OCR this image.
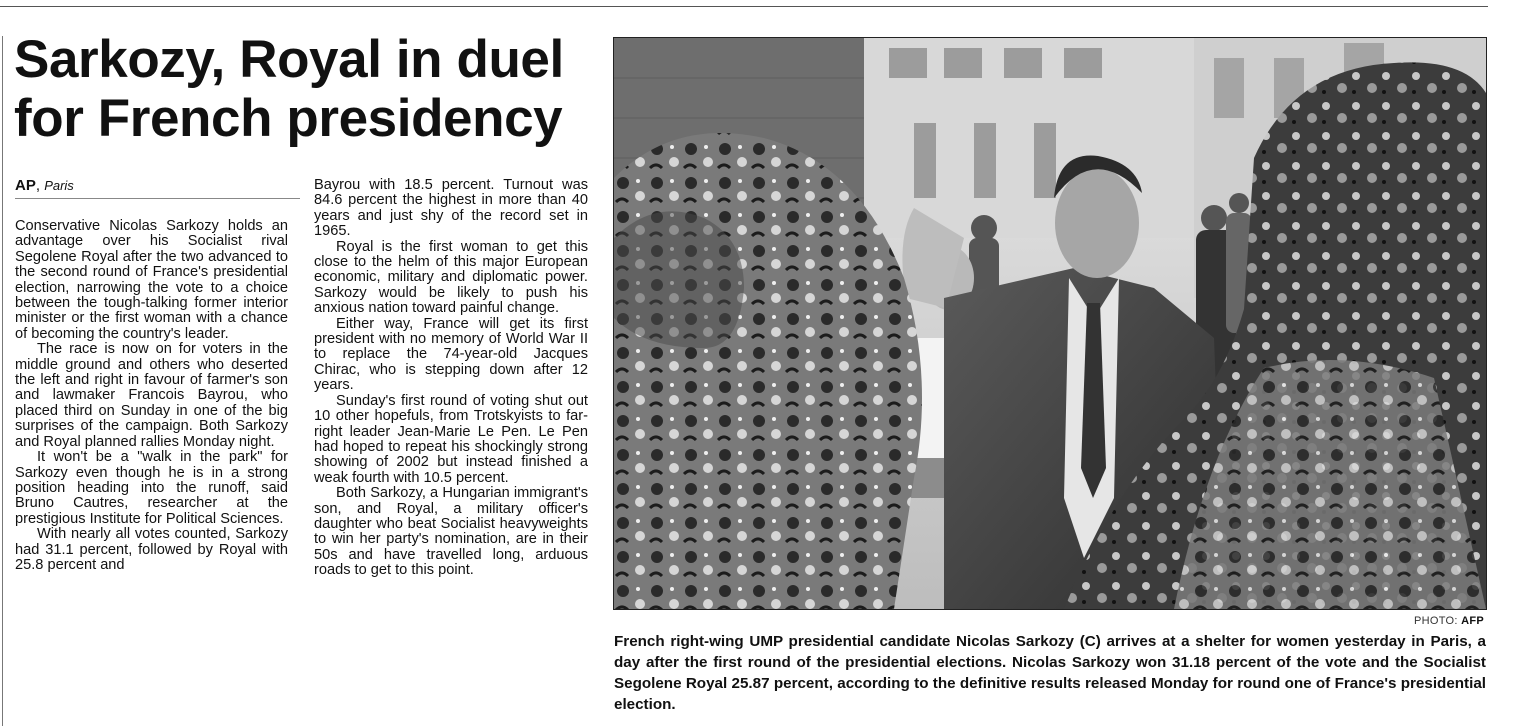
Sarkozy, Royal in duel
for French presidency
AP, Paris

Conservative Nicolas Sarkozy holds an advantage over his Socialist rival Segolene Royal after the two advanced to the second round of France's presidential election, narrowing the vote to a choice between the tough-talking former interior minister or the first woman with a chance of becoming the country's leader.

The race is now on for voters in the middle ground and others who deserted the left and right in favour of farmer's son and lawmaker Francois Bayrou, who placed third on Sunday in one of the big surprises of the campaign. Both Sarkozy and Royal planned rallies Monday night.

It won't be a "walk in the park" for Sarkozy even though he is in a strong position heading into the runoff, said Bruno Cautres, researcher at the prestigious Institute for Political Sciences.

With nearly all votes counted, Sarkozy had 31.1 percent, followed by Royal with 25.8 percent and

Bayrou with 18.5 percent. Turnout was 84.6 percent the highest in more than 40 years and just shy of the record set in 1965.

Royal is the first woman to get this close to the helm of this major European economic, military and diplomatic power. Sarkozy would be likely to push his anxious nation toward painful change.

Either way, France will get its first president with no memory of World War II to replace the 74-year-old Jacques Chirac, who is stepping down after 12 years.

Sunday's first round of voting shut out 10 other hopefuls, from Trotskyists to far-right leader Jean-Marie Le Pen. Le Pen had hoped to repeat his shockingly strong showing of 2002 but instead finished a weak fourth with 10.5 percent.

Both Sarkozy, a Hungarian immigrant's son, and Royal, a military officer's daughter who beat Socialist heavyweights to win her party's nomination, are in their 50s and have travelled long, arduous roads to get to this point.

PHOTO: AFP
French right-wing UMP presidential candidate Nicolas Sarkozy (C) arrives at a shelter for women yesterday in Paris, a day after the first round of the presidential elections. Nicolas Sarkozy won 31.18 percent of the vote and the Socialist Segolene Royal 25.87 percent, according to the definitive results released Monday for round one of France's presidential election.
